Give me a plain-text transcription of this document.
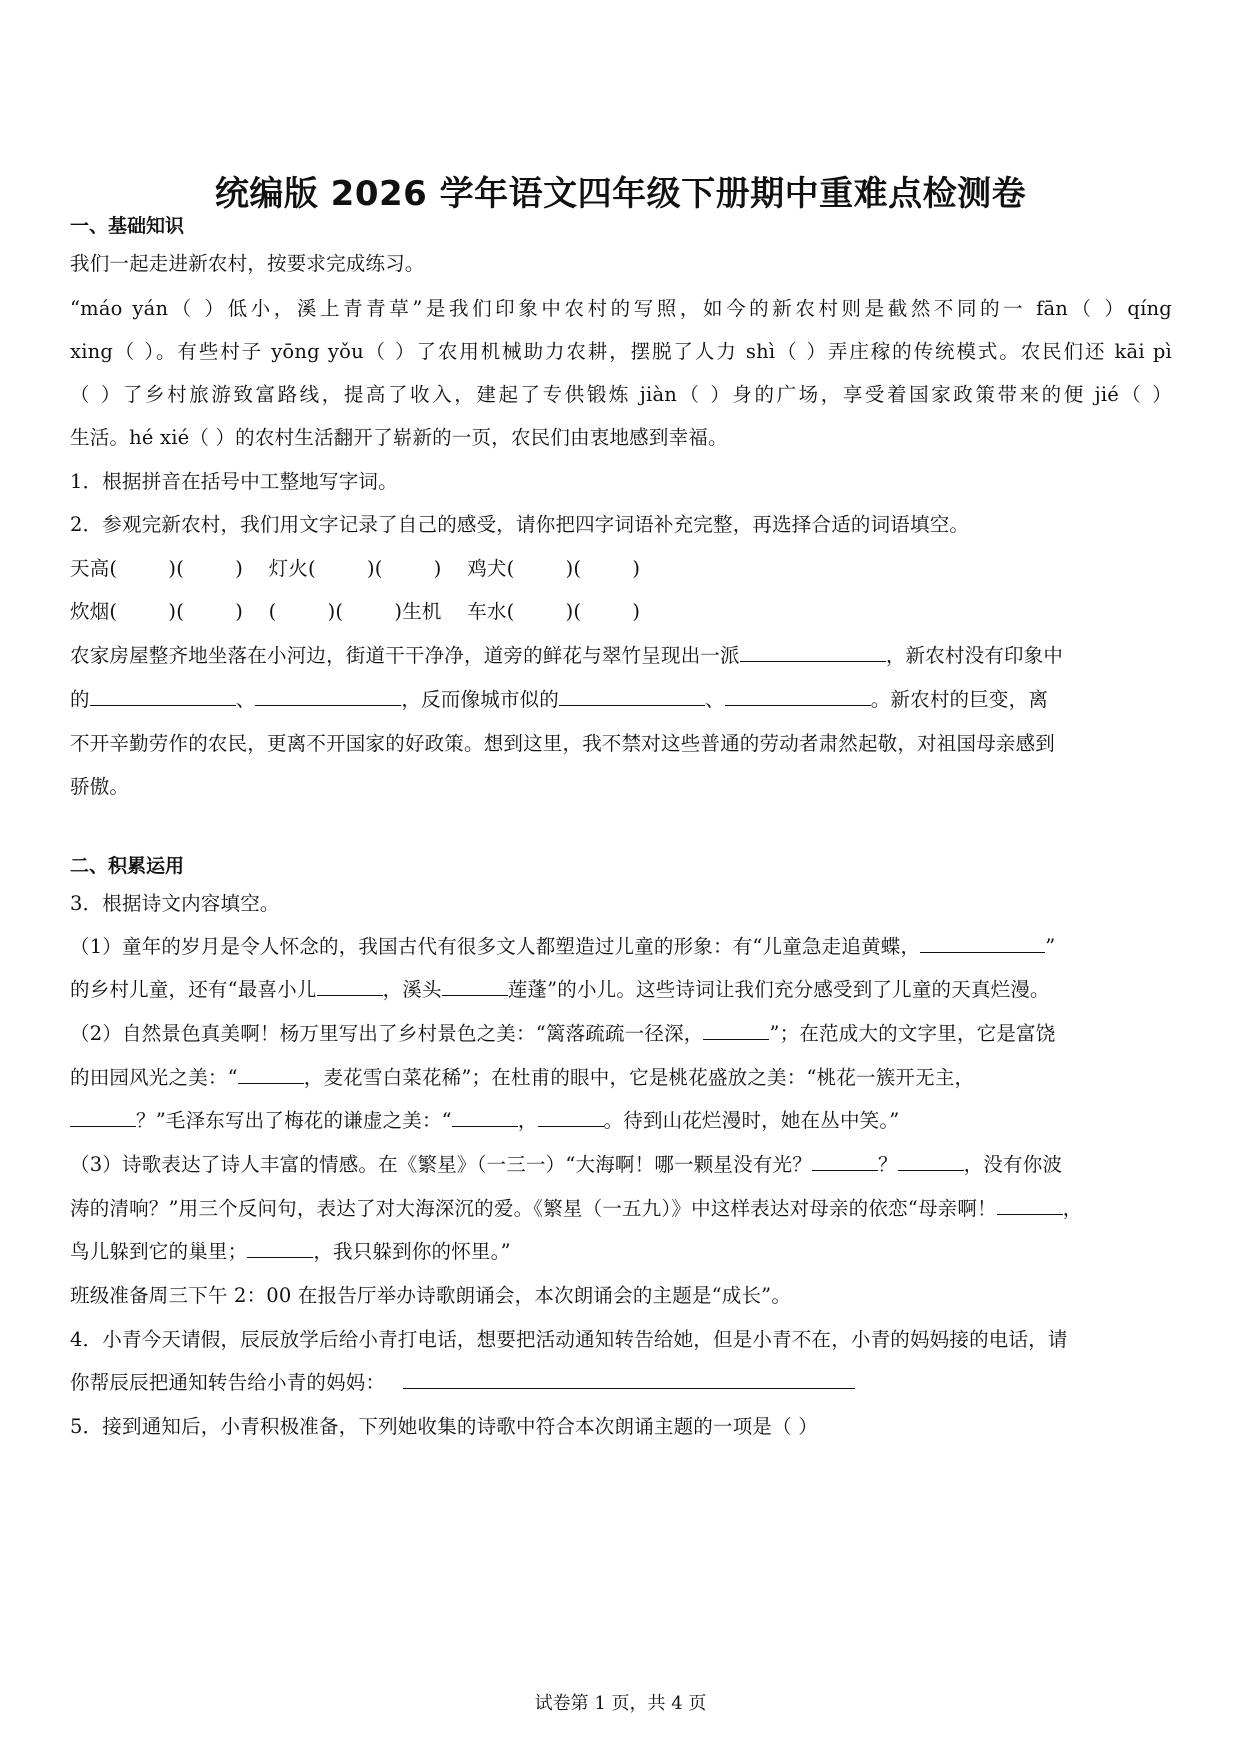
统编版 2026 学年语文四年级下册期中重难点检测卷
一、基础知识
我们一起走进新农村，按要求完成练习。
“máo yán（ ）低小，溪上青青草”是我们印象中农村的写照，如今的新农村则是截然不同的一 fān（ ）qíng
xing（ ）。有些村子 yōng yǒu（ ）了农用机械助力农耕，摆脱了人力 shì（ ）弄庄稼的传统模式。农民们还 kāi pì
（ ）了乡村旅游致富路线，提高了收入，建起了专供锻炼 jiàn（ ）身的广场，享受着国家政策带来的便 jié（ ）
生活。hé xié（ ）的农村生活翻开了崭新的一页，农民们由衷地感到幸福。
1．根据拼音在括号中工整地写字词。
2．参观完新农村，我们用文字记录了自己的感受，请你把四字词语补充完整，再选择合适的词语填空。
天高(        )(        )    灯火(        )(        )    鸡犬(        )(        )
炊烟(        )(        )    (        )(        )生机    车水(        )(        )
农家房屋整齐地坐落在小河边，街道干干净净，道旁的鲜花与翠竹呈现出一派	，新农村没有印象中
的	、	，反而像城市似的	、	。新农村的巨变，离
不开辛勤劳作的农民，更离不开国家的好政策。想到这里，我不禁对这些普通的劳动者肃然起敬，对祖国母亲感到
骄傲。
二、积累运用
3．根据诗文内容填空。
（1）童年的岁月是令人怀念的，我国古代有很多文人都塑造过儿童的形象：有“儿童急走追黄蝶，	”
的乡村儿童，还有“最喜小儿	，溪头	莲蓬”的小儿。这些诗词让我们充分感受到了儿童的天真烂漫。
（2）自然景色真美啊！杨万里写出了乡村景色之美：“篱落疏疏一径深，	”；在范成大的文字里，它是富饶
的田园风光之美：“	，麦花雪白菜花稀”；在杜甫的眼中，它是桃花盛放之美：“桃花一簇开无主，
？”毛泽东写出了梅花的谦虚之美：“	，	。待到山花烂漫时，她在丛中笑。”
（3）诗歌表达了诗人丰富的情感。在《繁星》（一三一）“大海啊！哪一颗星没有光？	？	，没有你波
涛的清响？”用三个反问句，表达了对大海深沉的爱。《繁星（一五九）》中这样表达对母亲的依恋“母亲啊！	，
鸟儿躲到它的巢里；	，我只躲到你的怀里。”
班级准备周三下午 2：00 在报告厅举办诗歌朗诵会，本次朗诵会的主题是“成长”。
4．小青今天请假，辰辰放学后给小青打电话，想要把活动通知转告给她，但是小青不在，小青的妈妈接的电话，请
你帮辰辰把通知转告给小青的妈妈：
5．接到通知后，小青积极准备，下列她收集的诗歌中符合本次朗诵主题的一项是（ ）
试卷第 1 页，共 4 页
